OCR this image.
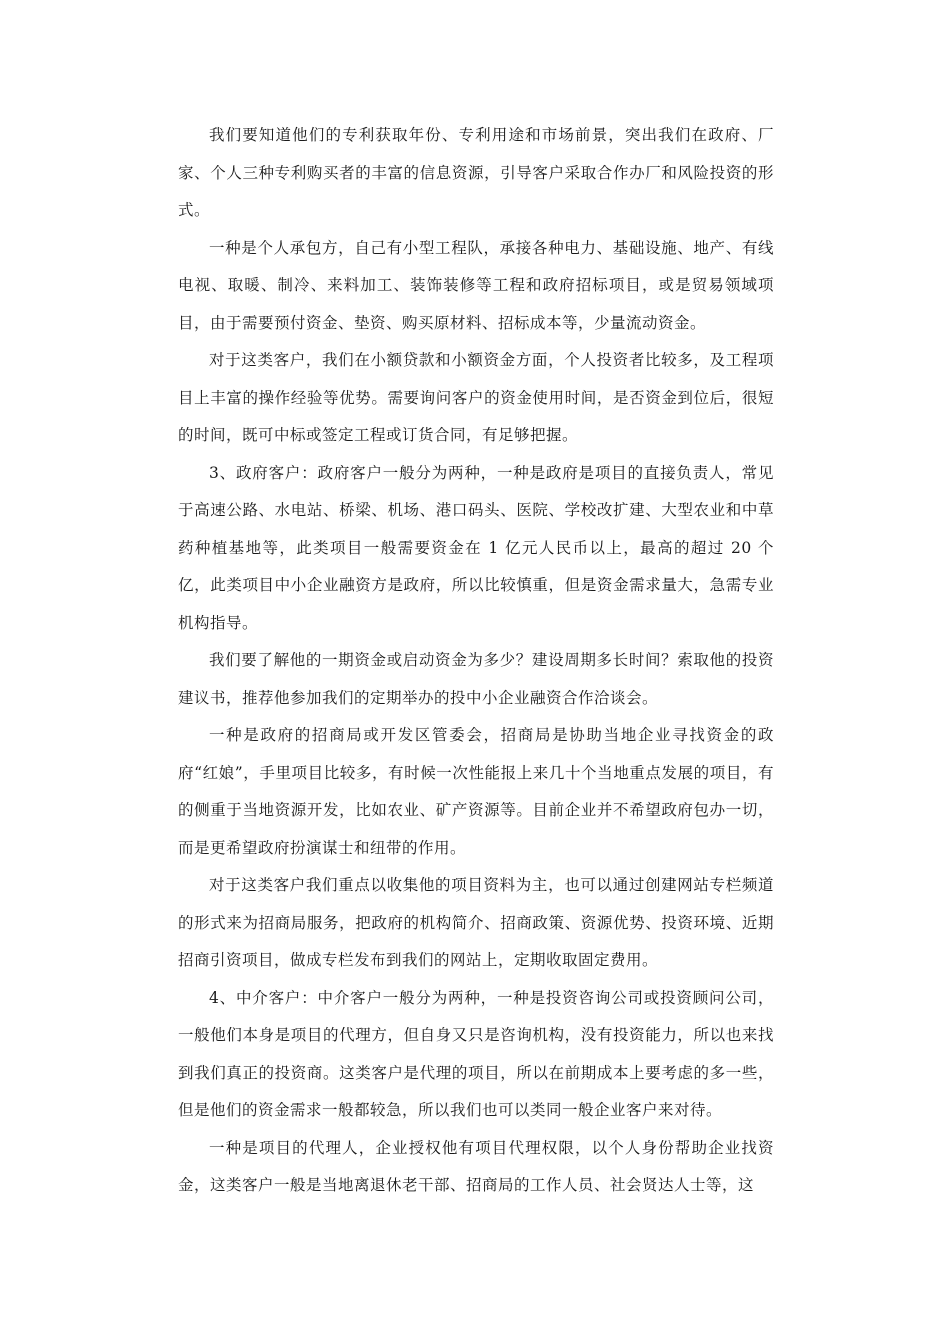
我们要知道他们的专利获取年份、专利用途和市场前景，突出我们在政府、厂家、个人三种专利购买者的丰富的信息资源，引导客户采取合作办厂和风险投资的形式。

一种是个人承包方，自己有小型工程队，承接各种电力、基础设施、地产、有线电视、取暖、制冷、来料加工、装饰装修等工程和政府招标项目，或是贸易领域项目，由于需要预付资金、垫资、购买原材料、招标成本等，少量流动资金。

对于这类客户，我们在小额贷款和小额资金方面，个人投资者比较多，及工程项目上丰富的操作经验等优势。需要询问客户的资金使用时间，是否资金到位后，很短的时间，既可中标或签定工程或订货合同，有足够把握。

3、政府客户：政府客户一般分为两种，一种是政府是项目的直接负责人，常见于高速公路、水电站、桥梁、机场、港口码头、医院、学校改扩建、大型农业和中草药种植基地等，此类项目一般需要资金在 1 亿元人民币以上，最高的超过 20 个亿，此类项目中小企业融资方是政府，所以比较慎重，但是资金需求量大，急需专业机构指导。

我们要了解他的一期资金或启动资金为多少？建设周期多长时间？索取他的投资建议书，推荐他参加我们的定期举办的投中小企业融资合作洽谈会。

一种是政府的招商局或开发区管委会，招商局是协助当地企业寻找资金的政府“红娘”，手里项目比较多，有时候一次性能报上来几十个当地重点发展的项目，有的侧重于当地资源开发，比如农业、矿产资源等。目前企业并不希望政府包办一切，而是更希望政府扮演谋士和纽带的作用。

对于这类客户我们重点以收集他的项目资料为主，也可以通过创建网站专栏频道的形式来为招商局服务，把政府的机构简介、招商政策、资源优势、投资环境、近期招商引资项目，做成专栏发布到我们的网站上，定期收取固定费用。

4、中介客户：中介客户一般分为两种，一种是投资咨询公司或投资顾问公司，一般他们本身是项目的代理方，但自身又只是咨询机构，没有投资能力，所以也来找到我们真正的投资商。这类客户是代理的项目，所以在前期成本上要考虑的多一些，但是他们的资金需求一般都较急，所以我们也可以类同一般企业客户来对待。

一种是项目的代理人，企业授权他有项目代理权限，以个人身份帮助企业找资金，这类客户一般是当地离退休老干部、招商局的工作人员、社会贤达人士等，这
